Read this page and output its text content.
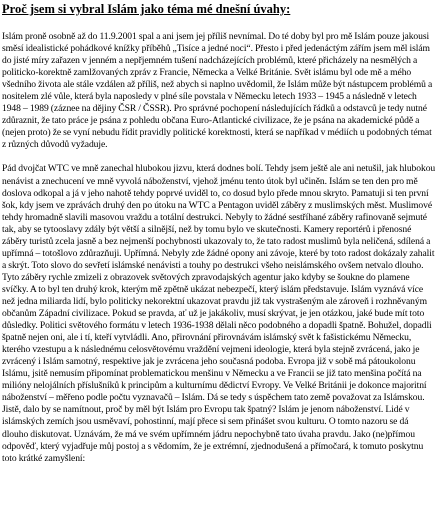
Proč jsem si vybral Islám jako téma mé dnešní úvahy:

Islám proně osobně až do 11.9.2001 spal a ani jsem jej příliš nevnímal. Do té doby byl pro mě Islám pouze jakousi směsí idealistické pohádkové knížky příběhů „Tisíce a jedné noci“. Přesto i před jedenáctým zářím jsem měl islám do jisté míry zařazen v jenném a nepřjemném tušení nadcházejících problémů, které přicházely na nesmělých a politicko-korektně zamlžovaných zpráv z Francie, Německa a Velké Británie. Svět islámu byl ode mě a mého všedního života ale stále vzdálen až příliš, než abych si naplno uvědomil, že Islám může být nástupcem problémů a nositelem zlé vůle, která byla naposledy v plné síle povstala v Německu letech 1933 – 1945 a následně v letech 1948 – 1989 (záznee na dějiny ČSR / ČSSR). Pro správné pochopení následujících řádků a odstavců je tedy nutné zdůraznit, že tato práce je psána z pohledu občana Euro-Atlantické civilizace, že je psána na akademické půdě a (nejen proto) že se vyní nebudu řídit pravidly politické korektnosti, která se napříkad v médiích u podobných témat z různých důvodů vyžaduje.

Pád dvojčat WTC ve mně zanechal hlubokou jizvu, která dodnes bolí. Tehdy jsem ještě ale ani netušil, jak hlubokou nenávist a znechucení ve mně vyvolá náboženství, vjehož jménu tento útok byl učiněn. Islám se ten den pro mě doslova odkopal a já v jeho nahotě tehdy poprvé uviděl to, co dosud bylo přede mnou skryto. Pamatuji si ten první šok, kdy jsem ve zprávách druhý den po útoku na WTC a Pentagon uviděl záběry z muslimských měst. Muslimové tehdy hromadně slavili masovou vraždu a totální destrukci. Nebyly to žádné sestříhané záběry rafinovaně sejmuté tak, aby se tytooslavy zdály být větší a silnější, než by tomu bylo ve skutečnosti. Kamery reportérů i přenosné záběry turistů zcela jasně a bez nejmenší pochybnosti ukazovaly to, že tato radost muslimů byla neličená, sdílená a upřímná – totošlovo zdůrazňuji. Upřímná. Nebyly zde žádné opony ani závoje, které by toto radost dokázaly zahalit a skrýt. Toto slovo do sevřetí islámské nenávisti a touhy po destrukci všeho neislámského ovšem netvalo dlouho. Tyto záběry rychle zmizeli z obrazovek světových zpravodajských agentur jako kdyby se šoukne do plamene svíčky. A to byl ten druhý krok, kterým mě zpětně ukázat nebezpečí, který islám představuje. Islám vyznává více než jedna miliarda lidí, bylo politicky nekorektní ukazovat pravdu již tak vystrašeným ale zároveň i rozhněvaným občanům Západní civilizace. Pokud se pravda, ať už je jakákoliv, musí skrývat, je jen otázkou, jaké bude mít toto důsledky. Politici světového formátu v letech 1936-1938 dělali něco podobného a dopadli špatně. Bohužel, dopadli špatně nejen oni, ale i tí, kteří vytvládli. Ano, přirovnání přirovnávám islámský svět k fašistickému Německu, kterého vzestupu a k následnému celosvětovému vraždění vejmeni ideologie, která byla stejně zvrácená, jako je zvrácený i Islám samotný, respektive jak je zvrácena jeho současná podoba. Evropa již v sobě má pátoukolonu Islámu, jsitě nemusím připomínat problematickou menšinu v Německu a ve Francii se již tato menšina počítá na milióny nelojálních příslušníků k principům a kulturnímu dědictví Evropy. Ve Velké Británii je dokonce majoritní náboženství – měřeno podle počtu vyznavačů – Islám. Dá se tedy s úspěchem tato země považovat za Islámskou. Jistě, dalo by se namítnout, proč by měl být Islám pro Evropu tak špatný? Islám je jenom náboženství. Lidé v islámských zemích jsou usměvaví, pohostinní, mají přece si sem přinášet svou kulturu. O tomto nazoru se dá dlouho diskutovat. Uznávám, že má ve svém upřímném jádru nepochybně tato úvaha pravdu. Jako (ne)přímou odpověď, který vyjadřuje můj postoj a s vědomím, že je extrémní, zjednodušená a přímočará, k tomuto poskytnu toto krátké zamyšlení:
